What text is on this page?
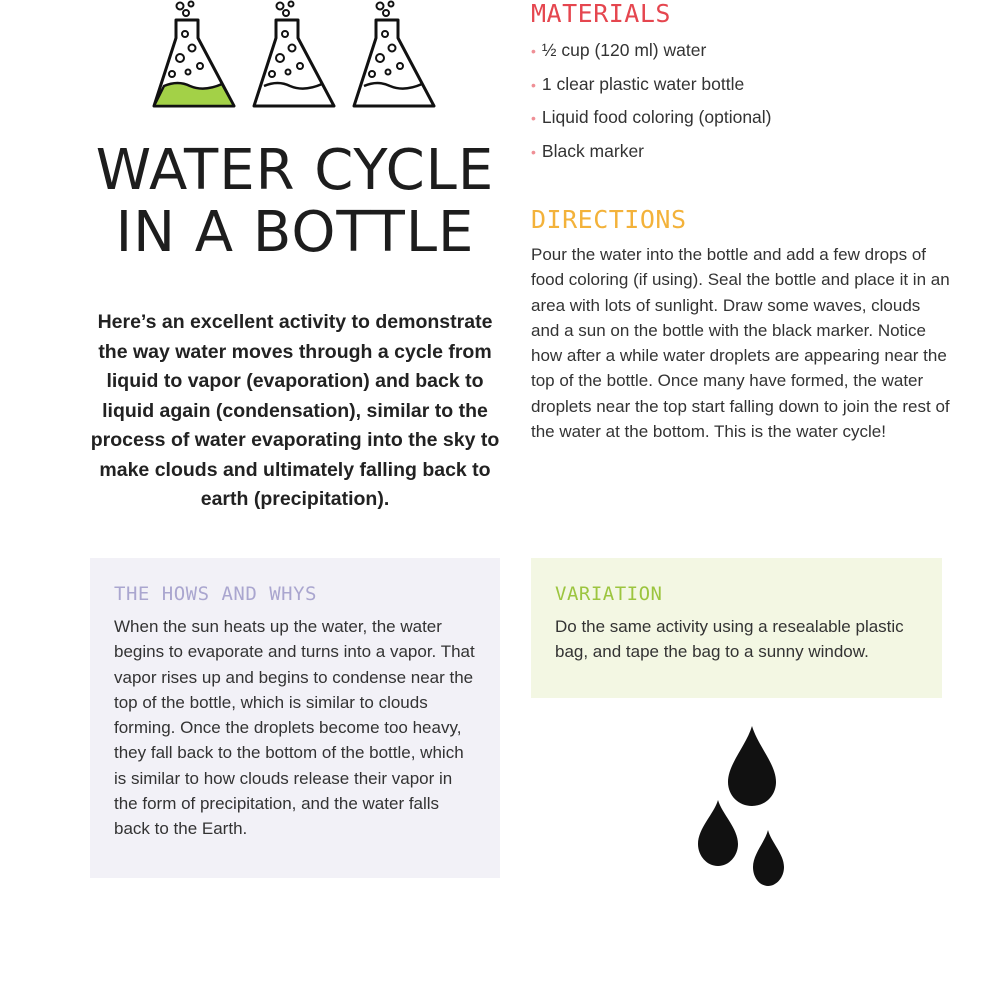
WATER CYCLE
IN A BOTTLE

Here’s an excellent activity to demonstrate the way water moves through a cycle from liquid to vapor (evaporation) and back to liquid again (condensation), similar to the process of water evaporating into the sky to make clouds and ultimately falling back to earth (precipitation).

MATERIALS
• ½ cup (120 ml) water
• 1 clear plastic water bottle
• Liquid food coloring (optional)
• Black marker
DIRECTIONS

Pour the water into the bottle and add a few drops of food coloring (if using). Seal the bottle and place it in an area with lots of sunlight. Draw some waves, clouds and a sun on the bottle with the black marker. Notice how after a while water droplets are appearing near the top of the bottle. Once many have formed, the water droplets near the top start falling down to join the rest of the water at the bottom. This is the water cycle!

THE HOWS AND WHYS

When the sun heats up the water, the water begins to evaporate and turns into a vapor. That vapor rises up and begins to condense near the top of the bottle, which is similar to clouds forming. Once the droplets become too heavy, they fall back to the bottom of the bottle, which is similar to how clouds release their vapor in the form of precipitation, and the water falls back to the Earth.

VARIATION

Do the same activity using a resealable plastic bag, and tape the bag to a sunny window.
